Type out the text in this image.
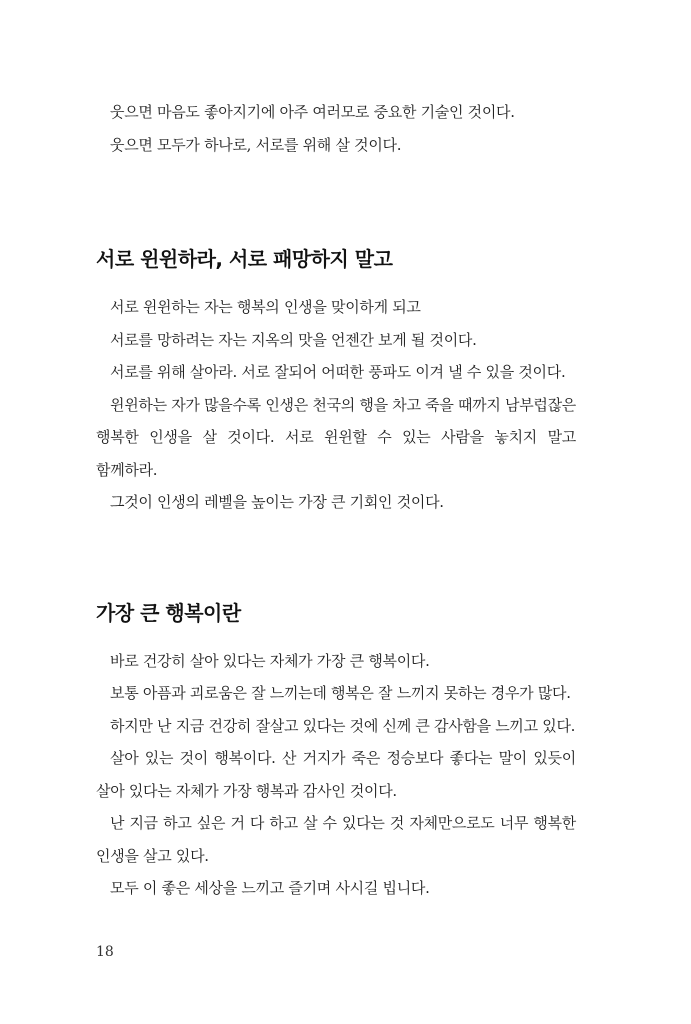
웃으면 마음도 좋아지기에 아주 여러모로 중요한 기술인 것이다.

웃으면 모두가 하나로, 서로를 위해 살 것이다.

서로 윈윈하라, 서로 패망하지 말고

서로 윈윈하는 자는 행복의 인생을 맞이하게 되고

서로를 망하려는 자는 지옥의 맛을 언젠간 보게 될 것이다.

서로를 위해 살아라. 서로 잘되어 어떠한 풍파도 이겨 낼 수 있을 것이다.

윈윈하는 자가 많을수록 인생은 천국의 행을 차고 죽을 때까지 남부럽잖은 행복한 인생을 살 것이다. 서로 윈윈할 수 있는 사람을 놓치지 말고 함께하라.

그것이 인생의 레벨을 높이는 가장 큰 기회인 것이다.

가장 큰 행복이란

바로 건강히 살아 있다는 자체가 가장 큰 행복이다.

보통 아픔과 괴로움은 잘 느끼는데 행복은 잘 느끼지 못하는 경우가 많다.

하지만 난 지금 건강히 잘살고 있다는 것에 신께 큰 감사함을 느끼고 있다.

살아 있는 것이 행복이다. 산 거지가 죽은 정승보다 좋다는 말이 있듯이 살아 있다는 자체가 가장 행복과 감사인 것이다.

난 지금 하고 싶은 거 다 하고 살 수 있다는 것 자체만으로도 너무 행복한 인생을 살고 있다.

모두 이 좋은 세상을 느끼고 즐기며 사시길 빕니다.

18
